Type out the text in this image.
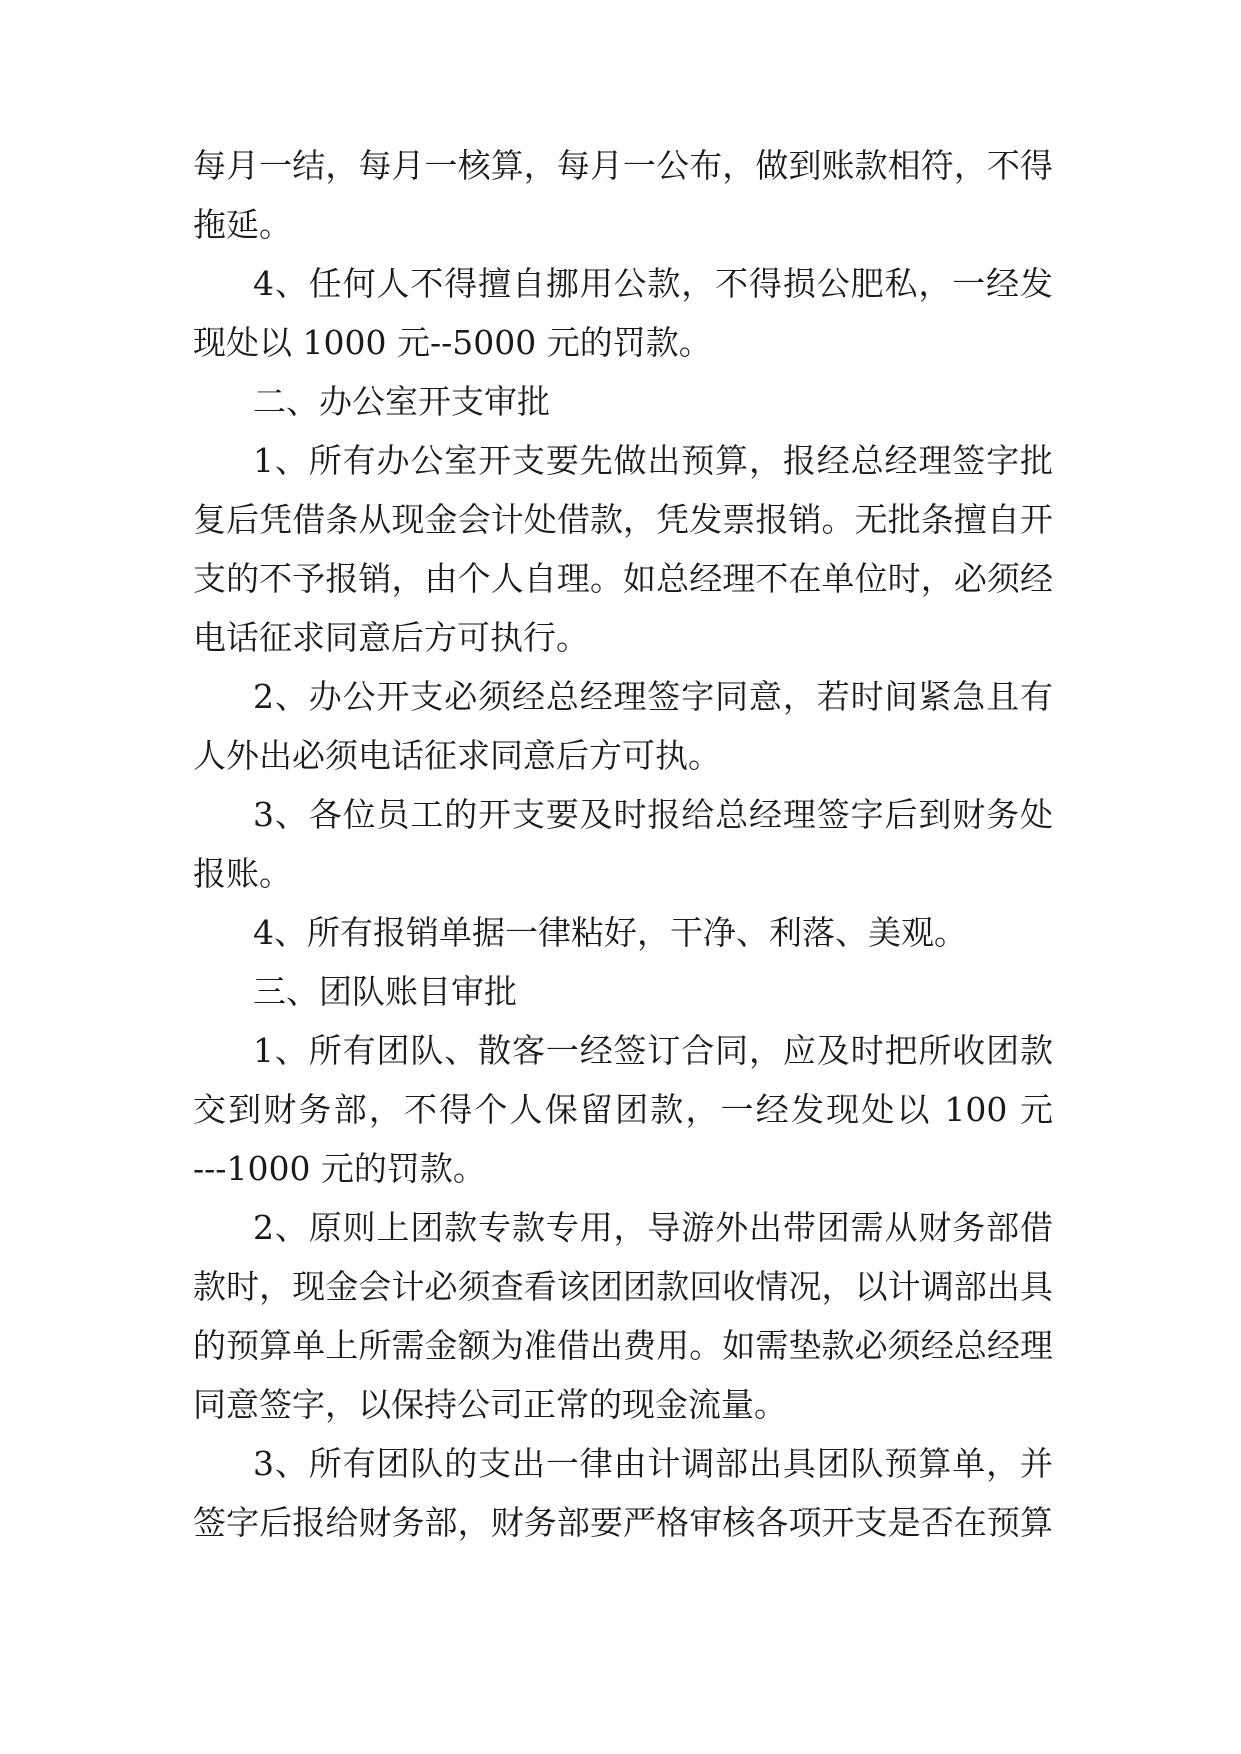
每月一结，每月一核算，每月一公布，做到账款相符，不得
拖延。
4、任何人不得擅自挪用公款，不得损公肥私，一经发
现处以 1000 元--5000 元的罚款。
二、办公室开支审批
1、所有办公室开支要先做出预算，报经总经理签字批
复后凭借条从现金会计处借款，凭发票报销。无批条擅自开
支的不予报销，由个人自理。如总经理不在单位时，必须经
电话征求同意后方可执行。
2、办公开支必须经总经理签字同意，若时间紧急且有
人外出必须电话征求同意后方可执。
3、各位员工的开支要及时报给总经理签字后到财务处
报账。
4、所有报销单据一律粘好，干净、利落、美观。
三、团队账目审批
1、所有团队、散客一经签订合同，应及时把所收团款
交到财务部，不得个人保留团款，一经发现处以 100 元
---1000 元的罚款。
2、原则上团款专款专用，导游外出带团需从财务部借
款时，现金会计必须查看该团团款回收情况，以计调部出具
的预算单上所需金额为准借出费用。如需垫款必须经总经理
同意签字，以保持公司正常的现金流量。
3、所有团队的支出一律由计调部出具团队预算单，并
签字后报给财务部，财务部要严格审核各项开支是否在预算
